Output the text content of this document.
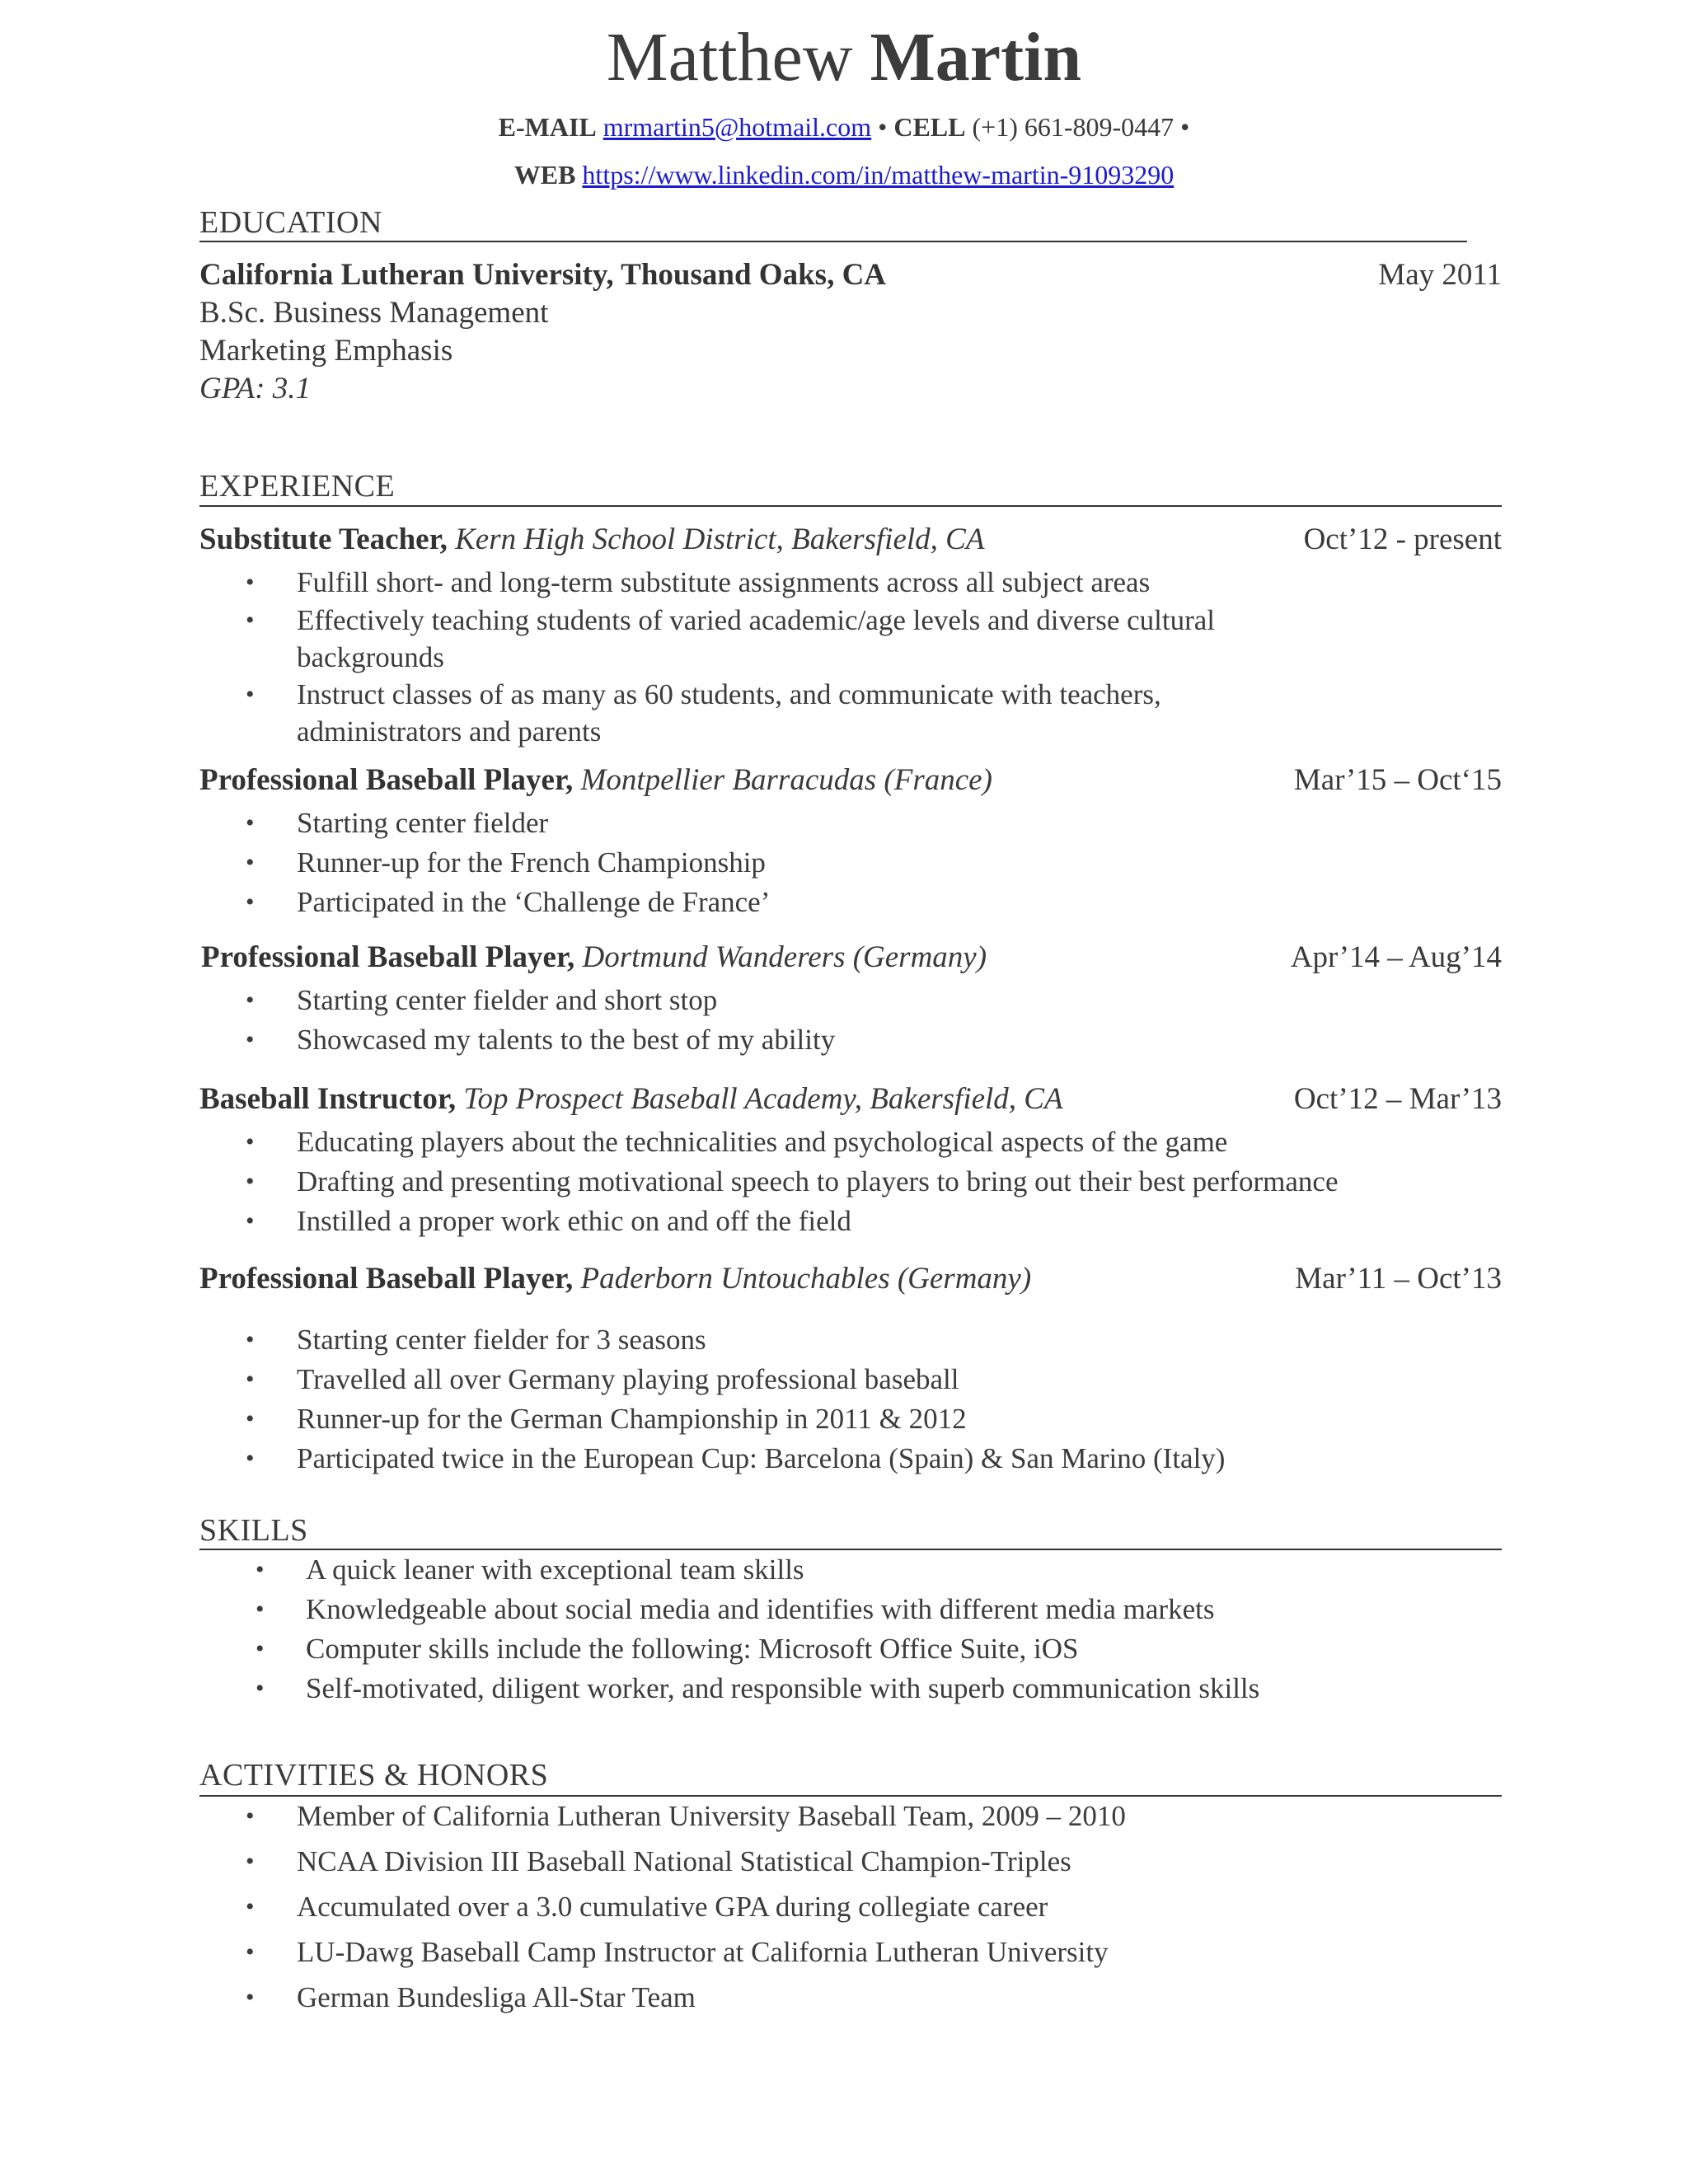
Matthew Martin
E-MAIL mrmartin5@hotmail.com • CELL (+1) 661-809-0447 •
WEB https://www.linkedin.com/in/matthew-martin-91093290
EDUCATION
California Lutheran University, Thousand Oaks, CA	May 2011
B.Sc. Business Management
Marketing Emphasis
GPA: 3.1
EXPERIENCE
Substitute Teacher, Kern High School District, Bakersfield, CA	Oct’12 - present
• Fulfill short- and long-term substitute assignments across all subject areas
• Effectively teaching students of varied academic/age levels and diverse cultural
backgrounds
• Instruct classes of as many as 60 students, and communicate with teachers,
administrators and parents
Professional Baseball Player, Montpellier Barracudas (France)	Mar’15 – Oct‘15
• Starting center fielder
• Runner-up for the French Championship
• Participated in the ‘Challenge de France’
Professional Baseball Player, Dortmund Wanderers (Germany)	Apr’14 – Aug’14
• Starting center fielder and short stop
• Showcased my talents to the best of my ability
Baseball Instructor, Top Prospect Baseball Academy, Bakersfield, CA	Oct’12 – Mar’13
• Educating players about the technicalities and psychological aspects of the game
• Drafting and presenting motivational speech to players to bring out their best performance
• Instilled a proper work ethic on and off the field
Professional Baseball Player, Paderborn Untouchables (Germany)	Mar’11 – Oct’13
• Starting center fielder for 3 seasons
• Travelled all over Germany playing professional baseball
• Runner-up for the German Championship in 2011 & 2012
• Participated twice in the European Cup: Barcelona (Spain) & San Marino (Italy)
SKILLS
• A quick leaner with exceptional team skills
• Knowledgeable about social media and identifies with different media markets
• Computer skills include the following: Microsoft Office Suite, iOS
• Self-motivated, diligent worker, and responsible with superb communication skills
ACTIVITIES & HONORS
• Member of California Lutheran University Baseball Team, 2009 – 2010
• NCAA Division III Baseball National Statistical Champion-Triples
• Accumulated over a 3.0 cumulative GPA during collegiate career
• LU-Dawg Baseball Camp Instructor at California Lutheran University
• German Bundesliga All-Star Team
